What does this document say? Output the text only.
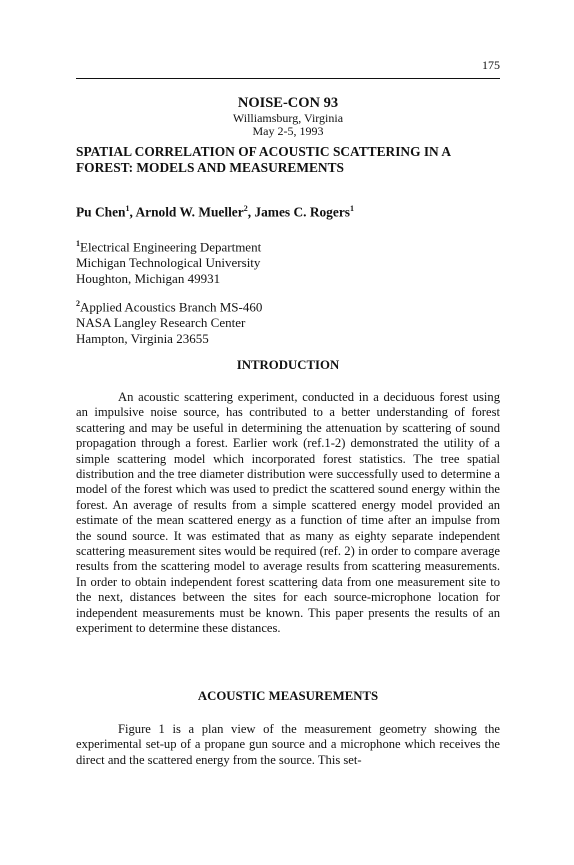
175
NOISE-CON 93
Williamsburg, Virginia
May 2-5, 1993
SPATIAL CORRELATION OF ACOUSTIC SCATTERING IN A FOREST: MODELS AND MEASUREMENTS
Pu Chen$^1$, Arnold W. Mueller$^2$, James C. Rogers$^1$
$^1$Electrical Engineering Department
Michigan Technological University
Houghton, Michigan 49931
$^2$Applied Acoustics Branch MS-460
NASA Langley Research Center
Hampton, Virginia 23655
INTRODUCTION
An acoustic scattering experiment, conducted in a deciduous forest using an impulsive noise source, has contributed to a better understanding of forest scattering and may be useful in determining the attenuation by scattering of sound propagation through a forest. Earlier work (ref.1-2) demonstrated the utility of a simple scattering model which incorporated forest statistics. The tree spatial distribution and the tree diameter distribution were successfully used to determine a model of the forest which was used to predict the scattered sound energy within the forest. An average of results from a simple scattered energy model provided an estimate of the mean scattered energy as a function of time after an impulse from the sound source. It was estimated that as many as eighty separate independent scattering measurement sites would be required (ref. 2) in order to compare average results from the scattering model to average results from scattering measurements. In order to obtain independent forest scattering data from one measurement site to the next, distances between the sites for each source-microphone location for independent measurements must be known. This paper presents the results of an experiment to determine these distances.
ACOUSTIC MEASUREMENTS
Figure 1 is a plan view of the measurement geometry showing the experimental set-up of a propane gun source and a microphone which receives the direct and the scattered energy from the source. This set-
